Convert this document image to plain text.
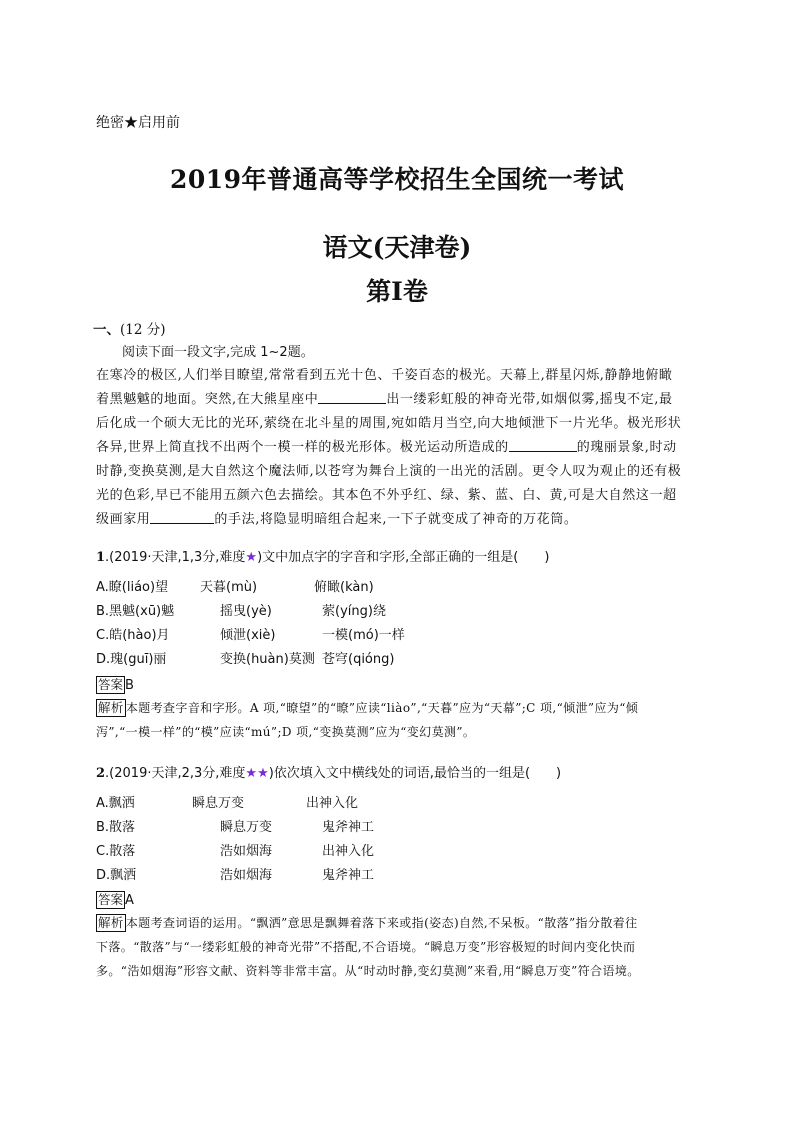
绝密★启用前
2019年普通高等学校招生全国统一考试
语文(天津卷)
第Ⅰ卷
一、(12 分)
阅读下面一段文字,完成 1~2题。
在寒冷的极区,人们举目瞭望,常常看到五光十色、千姿百态的极光。天幕上,群星闪烁,静静地俯瞰
着黑魆魆的地面。突然,在大熊星座中	出一缕彩虹般的神奇光带,如烟似雾,摇曳不定,最
后化成一个硕大无比的光环,萦绕在北斗星的周围,宛如皓月当空,向大地倾泄下一片光华。极光形状
各异,世界上简直找不出两个一模一样的极光形体。极光运动所造成的	的瑰丽景象,时动
时静,变换莫测,是大自然这个魔法师,以苍穹为舞台上演的一出光的活剧。更令人叹为观止的还有极
光的色彩,早已不能用五颜六色去描绘。其本色不外乎红、绿、紫、蓝、白、黄,可是大自然这一超
级画家用	的手法,将隐显明暗组合起来,一下子就变成了神奇的万花筒。
1.(2019·天津,1,3分,难度★)文中加点字的字音和字形,全部正确的一组是(　　)
A.瞭(liáo)望 天暮(mù)	俯瞰(kàn)
B.黑魆(xū)魆	摇曳(yè)	萦(yíng)绕
C.皓(hào)月	倾泄(xiè)	一模(mó)一样
D.瑰(guī)丽	变换(huàn)莫测 苍穹(qióng)
答案 B
解析 本题考查字音和字形。A 项,“暸望”的“暸”应读“liào”,“天暮”应为“天幕”;C 项,“倾泄”应为“倾
泻”,“一模一样”的“模”应读“mú”;D 项,“变换莫测”应为“变幻莫测”。
2.(2019·天津,2,3分,难度★★)依次填入文中横线处的词语,最恰当的一组是(　　)
A.飘洒	瞬息万变	出神入化
B.散落	瞬息万变	鬼斧神工
C.散落	浩如烟海	出神入化
D.飘洒	浩如烟海	鬼斧神工
答案 A
解析 本题考查词语的运用。“飘洒”意思是飘舞着落下来或指(姿态)自然,不呆板。“散落”指分散着往
下落。“散落”与“一缕彩虹般的神奇光带”不搭配,不合语境。“瞬息万变”形容极短的时间内变化快而
多。“浩如烟海”形容文献、资料等非常丰富。从“时动时静,变幻莫测”来看,用“瞬息万变”符合语境。
